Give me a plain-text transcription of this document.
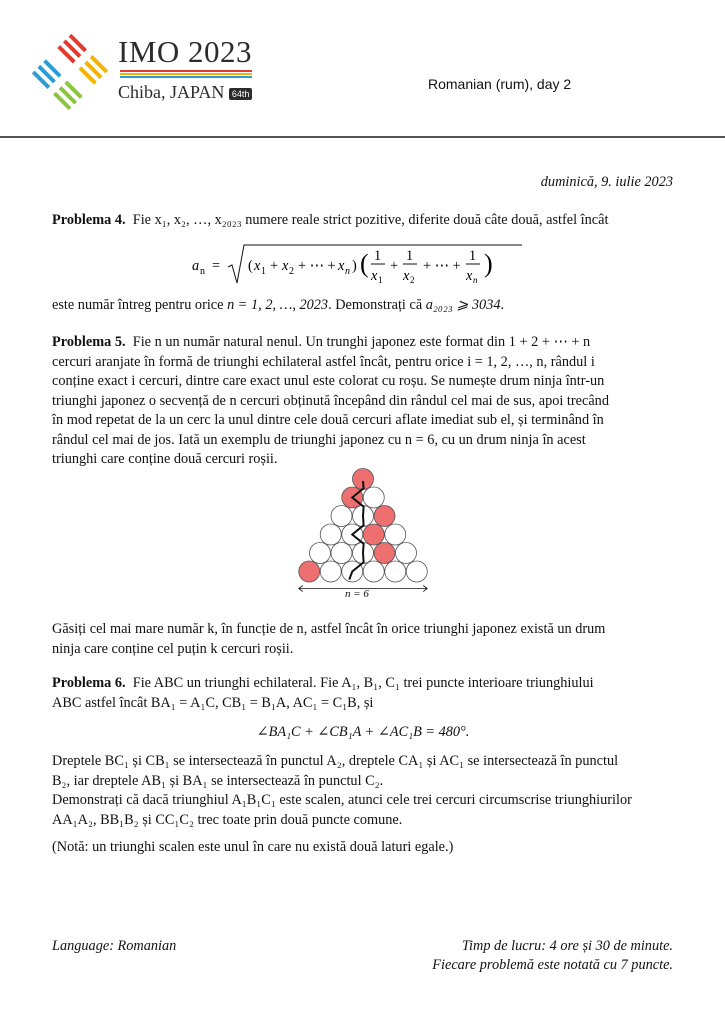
IMO 2023
Chiba, JAPAN 64th
Romanian (rum), day 2
duminică, 9. iulie 2023
Problema 4. Fie x₁, x₂, …, x₂₀₂₃ numere reale strict pozitive, diferite două câte două, astfel încât
a n = ( x 1 + x 2 + ⋯ + x n ) ( 1
x 1
+
1
x 2
+ ⋯ +
1
x n
)
este număr întreg pentru orice n = 1, 2, …, 2023. Demonstrați că a₂₀₂₃ ⩾ 3034.
Problema 5. Fie n un număr natural nenul. Un trunghi japonez este format din 1 + 2 + ⋯ + n
cercuri aranjate în formă de triunghi echilateral astfel încât, pentru orice i = 1, 2, …, n, rândul i
conține exact i cercuri, dintre care exact unul este colorat cu roșu. Se numește drum ninja într-un
triunghi japonez o secvență de n cercuri obținută începând din rândul cel mai de sus, apoi trecând
în mod repetat de la un cerc la unul dintre cele două cercuri aflate imediat sub el, și terminând în
rândul cel mai de jos. Iată un exemplu de triunghi japonez cu n = 6, cu un drum ninja în acest
triunghi care conține două cercuri roșii.
n = 6
Găsiți cel mai mare număr k, în funcție de n, astfel încât în orice triunghi japonez există un drum
ninja care conține cel puțin k cercuri roșii.
Problema 6. Fie ABC un triunghi echilateral. Fie A₁, B₁, C₁ trei puncte interioare triunghiului
ABC astfel încât BA₁ = A₁C, CB₁ = B₁A, AC₁ = C₁B, și
∠BA₁C + ∠CB₁A + ∠AC₁B = 480°.
Dreptele BC₁ și CB₁ se intersectează în punctul A₂, dreptele CA₁ și AC₁ se intersectează în punctul
B₂, iar dreptele AB₁ și BA₁ se intersectează în punctul C₂.
Demonstrați că dacă triunghiul A₁B₁C₁ este scalen, atunci cele trei cercuri circumscrise triunghiurilor
AA₁A₂, BB₁B₂ și CC₁C₂ trec toate prin două puncte comune.
(Notă: un triunghi scalen este unul în care nu există două laturi egale.)
Language: Romanian	Timp de lucru: 4 ore și 30 de minute.
Fiecare problemă este notată cu 7 puncte.
